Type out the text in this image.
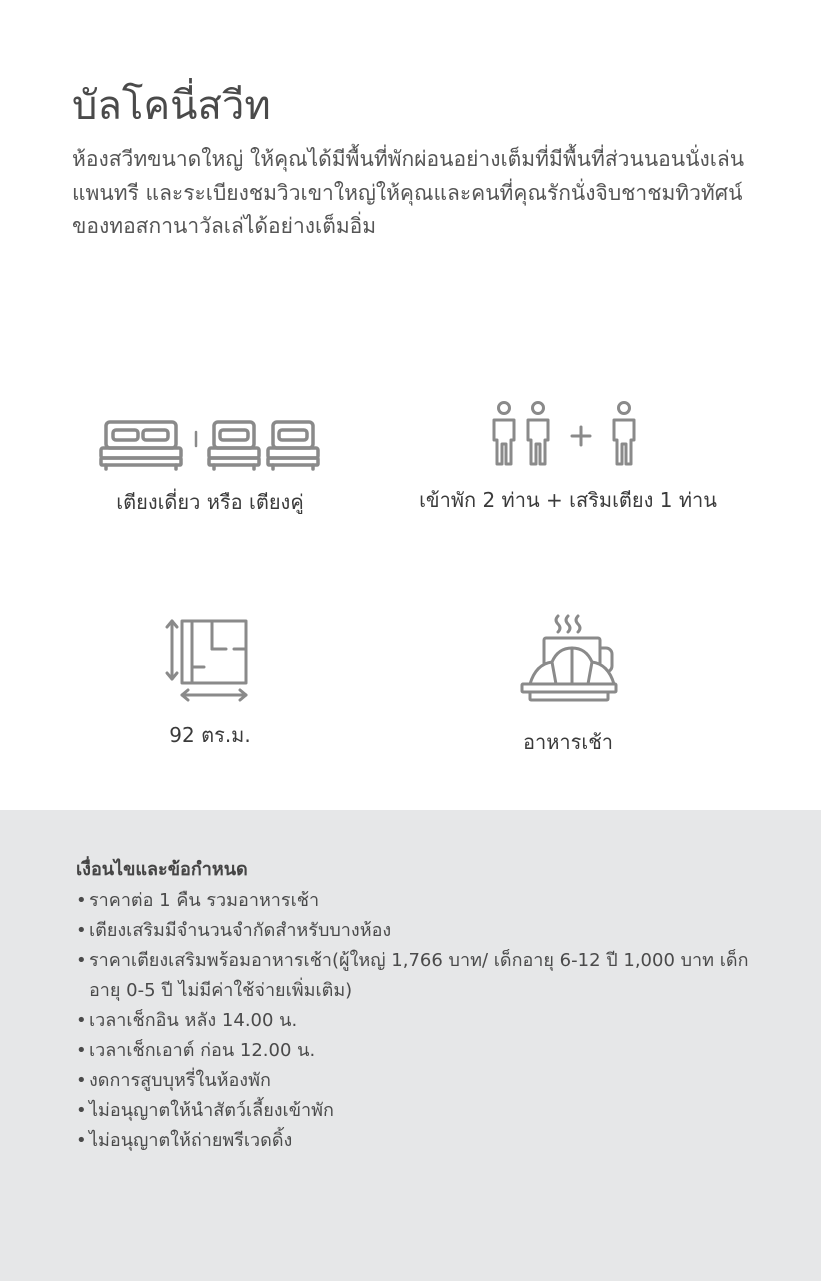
บัลโคนี่สวีท

ห้องสวีทขนาดใหญ่ ให้คุณได้มีพื้นที่พักผ่อนอย่างเต็มที่มีพื้นที่ส่วนนอนนั่งเล่น แพนทรี และระเบียงชมวิวเขาใหญ่ให้คุณและคนที่คุณรักนั่งจิบชาชมทิวทัศน์ของทอสกานาวัลเล่ได้อย่างเต็มอิ่ม

เตียงเดี่ยว หรือ เตียงคู่	เข้าพัก 2 ท่าน + เสริมเตียง 1 ท่าน
92 ตร.ม.	อาหารเช้า
เงื่อนไขและข้อกำหนด
• ราคาต่อ 1 คืน รวมอาหารเช้า
• เตียงเสริมมีจำนวนจำกัดสำหรับบางห้อง
• ราคาเตียงเสริมพร้อมอาหารเช้า(ผู้ใหญ่ 1,766 บาท/ เด็กอายุ 6-12 ปี 1,000 บาท เด็กอายุ 0-5 ปี ไม่มีค่าใช้จ่ายเพิ่มเติม)
• เวลาเช็กอิน หลัง 14.00 น.
• เวลาเช็กเอาต์ ก่อน 12.00 น.
• งดการสูบบุหรี่ในห้องพัก
• ไม่อนุญาตให้นำสัตว์เลี้ยงเข้าพัก
• ไม่อนุญาตให้ถ่ายพรีเวดดิ้ง
